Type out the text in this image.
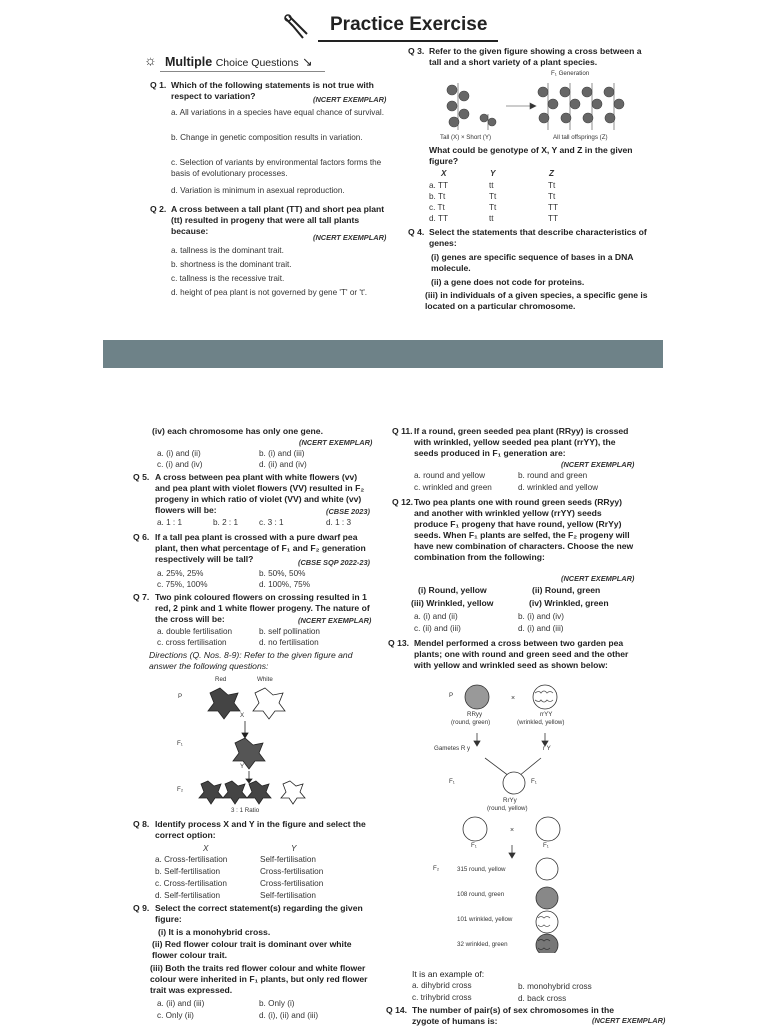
Practice Exercise
☼ Multiple Choice Questions ↘
Q 1. Which of the following statements is not true with respect to variation?	(NCERT EXEMPLAR)
a. All variations in a species have equal chance of survival.
b. Change in genetic composition results in variation.
c. Selection of variants by environmental factors forms the basis of evolutionary processes.
d. Variation is minimum in asexual reproduction.
Q 2. A cross between a tall plant (TT) and short pea plant (tt) resulted in progeny that were all tall plants because:
(NCERT EXEMPLAR)
a. tallness is the dominant trait.
b. shortness is the dominant trait.
c. tallness is the recessive trait.
d. height of pea plant is not governed by gene 'T' or 't'.
Q 3. Refer to the given figure showing a cross between a tall and a short variety of a plant species.
F₁ Generation
Tall (X) × Short (Y)	All tall offsprings (Z)
What could be genotype of X, Y and Z in the given figure?
X	Y	Z
a. TT	tt	Tt
b. Tt	Tt	Tt
c. Tt	Tt	TT
d. TT	tt	TT
Q 4. Select the statements that describe characteristics of genes:
(i) genes are specific sequence of bases in a DNA molecule.
(ii) a gene does not code for proteins.
(iii) in individuals of a given species, a specific gene is located on a particular chromosome.
(iv) each chromosome has only one gene.
(NCERT EXEMPLAR)
a. (i) and (ii)	b. (i) and (iii)
c. (i) and (iv)	d. (ii) and (iv)
Q 5. A cross between pea plant with white flowers (vv) and pea plant with violet flowers (VV) resulted in F₂ progeny in which ratio of violet (VV) and white (vv) flowers will be:	(CBSE 2023)
a. 1 : 1	b. 2 : 1	c. 3 : 1	d. 1 : 3
Q 6. If a tall pea plant is crossed with a pure dwarf pea plant, then what percentage of F₁ and F₂ generation respectively will be tall?	(CBSE SQP 2022-23)
a. 25%, 25%	b. 50%, 50%
c. 75%, 100%	d. 100%, 75%
Q 7. Two pink coloured flowers on crossing resulted in 1 red, 2 pink and 1 white flower progeny. The nature of the cross will be:	(NCERT EXEMPLAR)
a. double fertilisation	b. self pollination
c. cross fertilisation	d. no fertilisation
Directions (Q. Nos. 8-9): Refer to the given figure and answer the following questions:
Red	White
P
F₁
F₂
X
Y
3 : 1 Ratio
Q 8. Identify process X and Y in the figure and select the correct option:
X	Y
a. Cross-fertilisation	Self-fertilisation
b. Self-fertilisation	Cross-fertilisation
c. Cross-fertilisation	Cross-fertilisation
d. Self-fertilisation	Self-fertilisation
Q 9. Select the correct statement(s) regarding the given figure:
(i) It is a monohybrid cross.
(ii) Red flower colour trait is dominant over white flower colour trait.
(iii) Both the traits red flower colour and white flower colour were inherited in F₁ plants, but only red flower trait was expressed.
a. (ii) and (iii)	b. Only (i)
c. Only (ii)	d. (i), (ii) and (iii)
Q 11. If a round, green seeded pea plant (RRyy) is crossed with wrinkled, yellow seeded pea plant (rrYY), the seeds produced in F₁ generation are:
(NCERT EXEMPLAR)
a. round and yellow	b. round and green
c. wrinkled and green	d. wrinkled and yellow
Q 12. Two pea plants one with round green seeds (RRyy) and another with wrinkled yellow (rrYY) seeds produce F₁ progeny that have round, yellow (RrYy) seeds. When F₁ plants are selfed, the F₂ progeny will have new combination of characters. Choose the new combination from the following:
(NCERT EXEMPLAR)
(i) Round, yellow	(ii) Round, green
(iii) Wrinkled, yellow	(iv) Wrinkled, green
a. (i) and (ii)	b. (i) and (iv)
c. (ii) and (iii)	d. (i) and (iii)
Q 13. Mendel performed a cross between two garden pea plants; one with round and green seed and the other with yellow and wrinkled seed as shown below:
P	×
×
RRyy
(round, green)
rrYY
(wrinkled, yellow)
Gametes R y	r Y
F₁	F₁
RrYy
(round, yellow)
F₁	F₁
F₂	315 round, yellow
108 round, green
101 wrinkled, yellow
32 wrinkled, green
It is an example of:
a. dihybrid cross	b. monohybrid cross
c. trihybrid cross	d. back cross
Q 14. The number of pair(s) of sex chromosomes in the zygote of humans is:	(NCERT EXEMPLAR)
